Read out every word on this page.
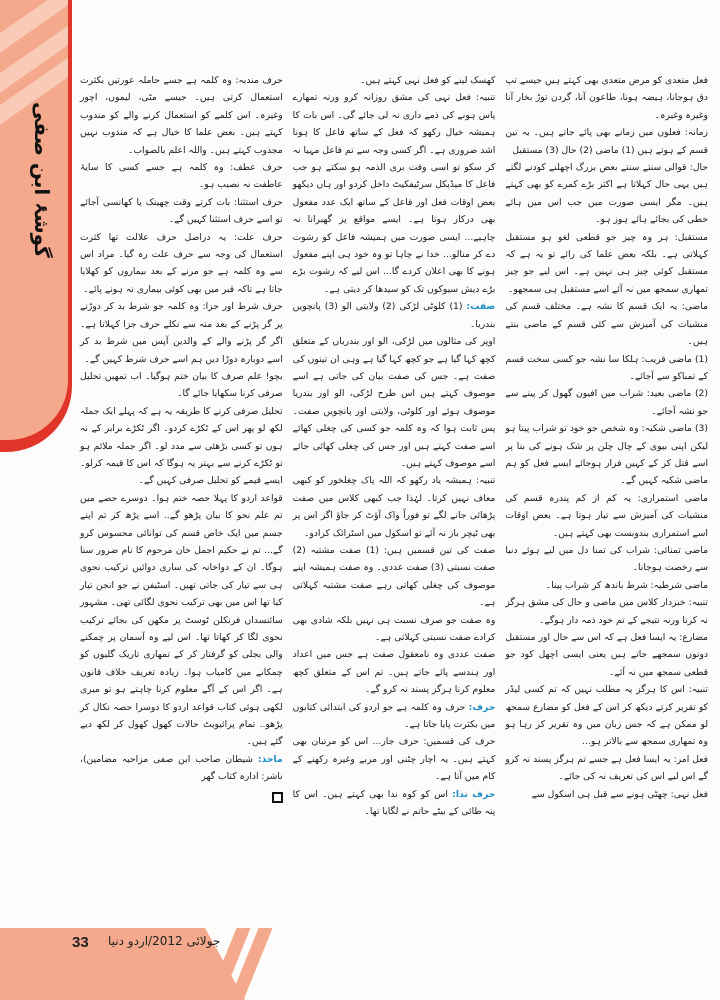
گوشۂ ابن صفی

فعل متعدی کو مرض متعدی بھی کہتے ہیں جیسے تپ دق ہوجانا، ہیضہ ہونا، طاعون آنا، گردن توڑ بخار آنا وغیرہ وغیرہ۔

زمانہ: فعلوں میں زمانے بھی پائے جاتے ہیں۔ یہ تین قسم کے ہوتے ہیں (1) ماضی (2) حال (3) مستقبل

حال: قوالی سنتے سنتے بعض بزرگ اچھلنے کودنے لگتے ہیں یہی حال کہلاتا ہے اکثر بڑے کمرے کو بھی کہتے ہیں۔ مگر ایسی صورت میں جب اس میں ہائے خطی کی بجائے ہائے ہوز ہو۔

مستقبل: ہر وہ چیز جو قطعی لغو ہو مستقبل کہلاتی ہے۔ بلکہ بعض علما کی رائے تو یہ ہے کہ مستقبل کوئی چیز ہی نہیں ہے۔ اس لیے جو چیز تمھاری سمجھ میں نہ آئے اسے مستقبل ہی سمجھو۔

ماضی: یہ ایک قسم کا نشہ ہے۔ مختلف قسم کی منشیات کی آمیزش سے کئی قسم کے ماضی بنتے ہیں۔

(1) ماضی قریب: ہلکا سا نشہ جو کسی سخت قسم کے تمباکو سے آجائے۔

(2) ماضی بعید: شراب میں افیون گھول کر پینے سے جو نشہ آجائے۔

(3) ماضی شکیہ: وہ شخص جو خود تو شراب پیتا ہو لیکن اپنی بیوی کے چال چلن پر شک ہونے کی بنا پر اسے قتل کر کے کہیں فرار ہوجائے ایسے فعل کو ہم ماضی شکیہ کہیں گے۔

ماضی استمراری: یہ کم از کم پندرہ قسم کی منشیات کی آمیزش سے تیار ہوتا ہے۔ بعض اوقات اسے استمراری بندوبست بھی کہتے ہیں۔

ماضی تمنائی: شراب کی تمنا دل میں لیے ہوئے دنیا سے رخصت ہوجانا۔

ماضی شرطیہ: شرط باندھ کر شراب پینا۔

تنبیہ: خبردار کلاس میں ماضی و حال کی مشق ہرگز نہ کرنا ورنہ نتیجے کے تم خود ذمہ دار ہوگے۔

مضارع: یہ ایسا فعل ہے کہ اس سے حال اور مستقبل دونوں سمجھے جاتے ہیں یعنی ایسی اچھل کود جو قطعی سمجھ میں نہ آئے۔

تنبیہ: اس کا ہرگز یہ مطلب نہیں کہ تم کسی لیڈر کو تقریر کرتے دیکھ کر اس کے فعل کو مضارع سمجھ لو ممکن ہے کہ جس زبان میں وہ تقریر کر رہا ہو وہ تمھاری سمجھ سے بالاتر ہو...

فعل امر: یہ ایسا فعل ہے جسے تم ہرگز پسند نہ کرو گے اس لیے اس کی تعریف نہ کی جائے۔

فعل نہی: چھٹی ہونے سے قبل ہی اسکول سے

کھسک لینے کو فعل نہی کہتے ہیں۔

تنبیہ: فعل نہی کی مشق روزانہ کرو ورنہ تمھارے پاس ہونے کی ذمے داری نہ لی جائے گی۔ اس بات کا ہمیشہ خیال رکھو کہ فعل کے ساتھ فاعل کا ہونا اشد ضروری ہے۔ اگر کسی وجہ سے تم فاعل مہیا نہ کر سکو تو اسی وقت بری الذمہ ہو سکتے ہو جب فاعل کا میڈیکل سرٹیفکیٹ داخل کردو اور ہاں دیکھو بعض اوقات فعل اور فاعل کے ساتھ ایک عدد مفعول بھی درکار ہوتا ہے۔ ایسے مواقع پر گھبرانا نہ چاہیے... ایسی صورت میں ہمیشہ فاعل کو رشوت دے کر منالو... خدا نے چاہا تو وہ خود ہی اپنے مفعول ہونے کا بھی اعلان کردے گا... اس لیے کہ رشوت بڑے بڑے دیش سیوکوں تک کو سیدھا کر دیتی ہے۔

صفت: (1) کلوٹی لڑکی (2) ولایتی الو (3) پانچویں بندریا۔

اوپر کی مثالوں میں لڑکی، الو اور بندریاں کے متعلق کچھ کہا گیا ہے جو کچھ کہا گیا ہے وہی ان تینوں کی صفت ہے۔ جس کی صفت بیان کی جاتی ہے اسے موصوف کہتے ہیں اس طرح لڑکی، الو اور بندریا موصوف ہوئے اور کلوٹی، ولایتی اور پانچویں صفت۔ پس ثابت ہوا کہ وہ کلمہ جو کسی کی چغلی کھائے اسے صفت کہتے ہیں اور جس کی چغلی کھائی جائے اسے موصوف کہتے ہیں۔

تنبیہ: ہمیشہ یاد رکھو کہ اللہ پاک چغلخور کو کبھی معاف نہیں کرتا۔ لہٰذا جب کبھی کلاس میں صفت پڑھائی جانے لگے تو فوراً واک آؤٹ کر جاؤ اگر اس پر بھی ٹیچر باز نہ آئے تو اسکول میں اسٹرائک کرادو۔

صفت کی تین قسمیں ہیں: (1) صفت مشتبہ (2) صفت نسبتی (3) صفت عددی۔ وہ صفت ہمیشہ اپنے موصوف کی چغلی کھاتی رہے صفت مشتبہ کہلاتی ہے۔

وہ صفت جو صرف نسبت ہی نہیں بلکہ شادی بھی کرادے صفت نسبتی کہلاتی ہے۔

صفت عددی وہ نامعقول صفت ہے جس میں اعداد اور ہندسے پائے جاتے ہیں۔ تم اس کے متعلق کچھ معلوم کرنا ہرگز پسند نہ کرو گے۔

حرف: حرف وہ کلمہ ہے جو اردو کی ابتدائی کتابوں میں بکثرت پایا جاتا ہے۔

حرف کی قسمیں: حرف جار... اس کو مرتبان بھی کہتے ہیں۔ یہ اچار چٹنی اور مربے وغیرہ رکھنے کے کام میں آتا ہے۔

حرف ندا: اس کو کوہ ندا بھی کہتے ہیں۔ اس کا پتہ طائی کے بیٹے حاتم نے لگایا تھا۔

حرف مندبہ: وہ کلمہ ہے جسے حاملہ عورتیں بکثرت استعمال کرتی ہیں۔ جیسے مٹی، لیموں، اچور وغیرہ۔ اس کلمے کو استعمال کرنے والے کو مندوب کہتے ہیں۔ بعض علما کا خیال ہے کہ مندوب نہیں مجذوب کہتے ہیں۔ واللہ اعلم بالصواب۔

حرف عطف: وہ کلمہ ہے جسے کسی کا سایۂ عاطفت نہ نصیب ہو۔

حرف استثنا: بات کرتے وقت چھینک یا کھانسی آجائے تو اسے حرف استثنا کہیں گے۔

حرف علت: یہ دراصل حرف علالت تھا کثرت استعمال کی وجہ سے حرف علت رہ گیا۔ مراد اس سے وہ کلمہ ہے جو مرنے کے بعد بیماروں کو کھلایا جاتا ہے تاکہ قبر میں بھی کوئی بیماری نہ ہونے پائے۔

حرف شرط اور جزا: وہ کلمہ جو شرط بد کر دوڑنے پر گر پڑنے کے بعد منہ سے نکلے حرف جزا کہلاتا ہے۔ اگر گر پڑنے والے کے والدین آپس میں شرط بد کر اسے دوبارہ دوڑا دیں ہم اسے حرف شرط کہیں گے۔

بچو! علم صرف کا بیان ختم ہوگیا۔ اب تمھیں تحلیل صرفی کرنا سکھایا جائے گا۔

تحلیل صرفی کرنے کا طریقہ یہ ہے کہ پہلے ایک جملہ لکھ لو پھر اس کے ٹکڑے کردو۔ اگر ٹکڑے برابر کے نہ ہوں تو کسی بڑھئی سے مدد لو۔ اگر جملہ ملائم ہو تو ٹکڑے کرنے سے بہتر یہ ہوگا کہ اس کا قیمہ کرلو۔ ایسے قیمے کو تحلیل صرفی کہیں گے۔

قواعد اردو کا پہلا حصہ ختم ہوا۔ دوسرے حصے میں تم علم نحو کا بیان پڑھو گے.. اسے پڑھ کر تم اپنے جسم میں ایک خاص قسم کی توانائی محسوس کرو گے... تم نے حکیم اجمل خان مرحوم کا نام ضرور سنا ہوگا۔ ان کے دواخانہ کی ساری دوائیں ترکیب نحوی ہی سے تیار کی جاتی تھیں۔ اسٹیفن نے جو انجن تیار کیا تھا اس میں بھی ترکیب نحوی لگائی تھی۔ مشہور سائنسداں فرنکلن ٹوسٹ پر مکھن کی بجائے ترکیب نحوی لگا کر کھاتا تھا۔ اس لیے وہ آسمان پر چمکنے والی بجلی کو گرفتار کر کے تمھاری تاریک گلیوں کو چمکانے میں کامیاب ہوا۔ زیادہ تعریف خلاف قانون ہے۔ اگر اس کے آگے معلوم کرنا چاہتے ہو تو میری لکھی ہوئی کتاب قواعد اردو کا دوسرا حصہ نکال کر پڑھو.. تمام پرائیویٹ حالات کھول کھول کر لکھ دیے گئے ہیں۔

ماخذ: شیطان صاحب ابن صفی مزاحیہ مضامین)، ناشر: ادارہ کتاب گھر

33 جولائی 2012/اردو دنیا
